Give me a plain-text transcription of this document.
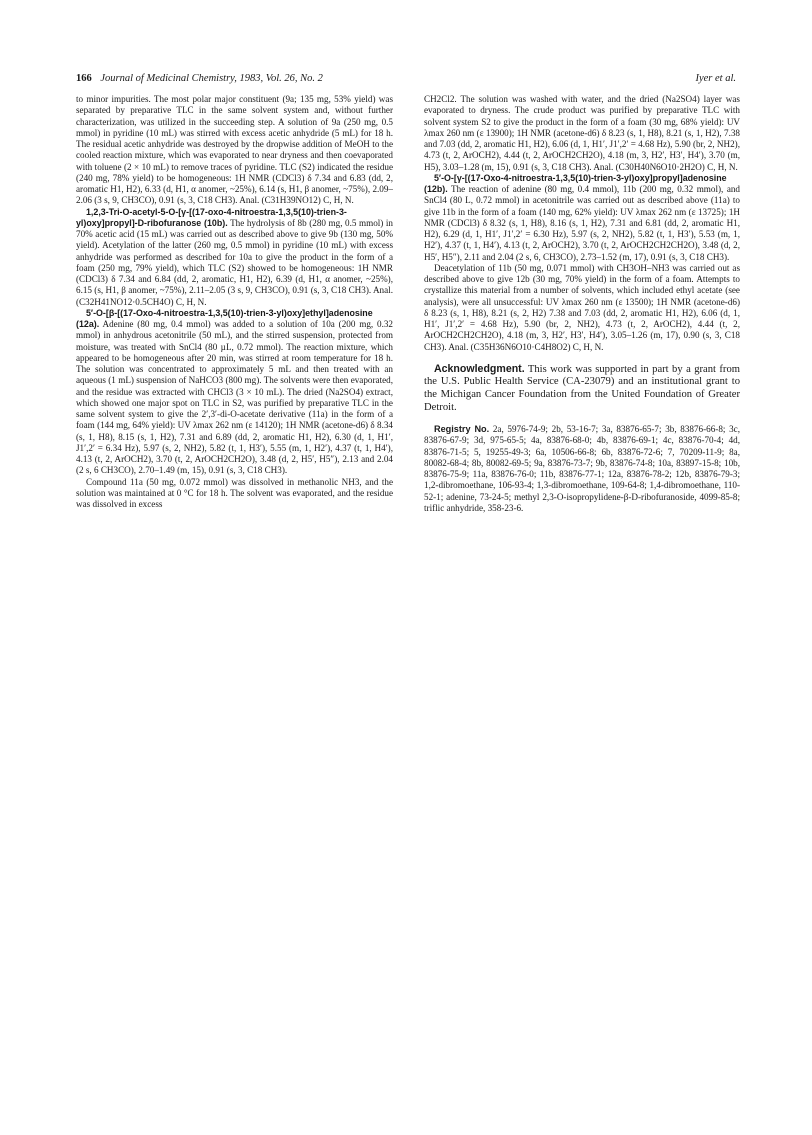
166 Journal of Medicinal Chemistry, 1983, Vol. 26, No. 2	Iyer et al.

to minor impurities. The most polar major constituent (9a; 135 mg, 53% yield) was separated by preparative TLC in the same solvent system and, without further characterization, was utilized in the succeeding step. A solution of 9a (250 mg, 0.5 mmol) in pyridine (10 mL) was stirred with excess acetic anhydride (5 mL) for 18 h. The residual acetic anhydride was destroyed by the dropwise addition of MeOH to the cooled reaction mixture, which was evaporated to near dryness and then coevaporated with toluene (2 × 10 mL) to remove traces of pyridine. TLC (S2) indicated the residue (240 mg, 78% yield) to be homogeneous: 1H NMR (CDCl3) δ 7.34 and 6.83 (dd, 2, aromatic H1, H2), 6.33 (d, H1, α anomer, ~25%), 6.14 (s, H1, β anomer, ~75%), 2.09–2.06 (3 s, 9, CH3CO), 0.91 (s, 3, C18 CH3). Anal. (C31H39NO12) C, H, N.

1,2,3-Tri-O-acetyl-5-O-[γ-[(17-oxo-4-nitroestra-1,3,5(10)-trien-3-yl)oxy]propyl]-D-ribofuranose (10b). The hydrolysis of 8b (280 mg, 0.5 mmol) in 70% acetic acid (15 mL) was carried out as described above to give 9b (130 mg, 50% yield). Acetylation of the latter (260 mg, 0.5 mmol) in pyridine (10 mL) with excess anhydride was performed as described for 10a to give the product in the form of a foam (250 mg, 79% yield), which TLC (S2) showed to be homogeneous: 1H NMR (CDCl3) δ 7.34 and 6.84 (dd, 2, aromatic, H1, H2), 6.39 (d, H1, α anomer, ~25%), 6.15 (s, H1, β anomer, ~75%), 2.11–2.05 (3 s, 9, CH3CO), 0.91 (s, 3, C18 CH3). Anal. (C32H41NO12·0.5CH4O) C, H, N.

5′-O-[β-[(17-Oxo-4-nitroestra-1,3,5(10)-trien-3-yl)oxy]ethyl]adenosine (12a). Adenine (80 mg, 0.4 mmol) was added to a solution of 10a (200 mg, 0.32 mmol) in anhydrous acetonitrile (50 mL), and the stirred suspension, protected from moisture, was treated with SnCl4 (80 µL, 0.72 mmol). The reaction mixture, which appeared to be homogeneous after 20 min, was stirred at room temperature for 18 h. The solution was concentrated to approximately 5 mL and then treated with an aqueous (1 mL) suspension of NaHCO3 (800 mg). The solvents were then evaporated, and the residue was extracted with CHCl3 (3 × 10 mL). The dried (Na2SO4) extract, which showed one major spot on TLC in S2, was purified by preparative TLC in the same solvent system to give the 2′,3′-di-O-acetate derivative (11a) in the form of a foam (144 mg, 64% yield): UV λmax 262 nm (ε 14120); 1H NMR (acetone-d6) δ 8.34 (s, 1, H8), 8.15 (s, 1, H2), 7.31 and 6.89 (dd, 2, aromatic H1, H2), 6.30 (d, 1, H1′, J1′,2′ = 6.34 Hz), 5.97 (s, 2, NH2), 5.82 (t, 1, H3′), 5.55 (m, 1, H2′), 4.37 (t, 1, H4′), 4.13 (t, 2, ArOCH2), 3.70 (t, 2, ArOCH2CH2O), 3.48 (d, 2, H5′, H5″), 2.13 and 2.04 (2 s, 6 CH3CO), 2.70–1.49 (m, 15), 0.91 (s, 3, C18 CH3).

Compound 11a (50 mg, 0.072 mmol) was dissolved in methanolic NH3, and the solution was maintained at 0 °C for 18 h. The solvent was evaporated, and the residue was dissolved in excess

CH2Cl2. The solution was washed with water, and the dried (Na2SO4) layer was evaporated to dryness. The crude product was purified by preparative TLC with solvent system S2 to give the product in the form of a foam (30 mg, 68% yield): UV λmax 260 nm (ε 13900); 1H NMR (acetone-d6) δ 8.23 (s, 1, H8), 8.21 (s, 1, H2), 7.38 and 7.03 (dd, 2, aromatic H1, H2), 6.06 (d, 1, H1′, J1′,2′ = 4.68 Hz), 5.90 (br, 2, NH2), 4.73 (t, 2, ArOCH2), 4.44 (t, 2, ArOCH2CH2O), 4.18 (m, 3, H2′, H3′, H4′), 3.70 (m, H5), 3.03–1.28 (m, 15), 0.91 (s, 3, C18 CH3). Anal. (C30H40N6O10·2H2O) C, H, N.

5′-O-[γ-[(17-Oxo-4-nitroestra-1,3,5(10)-trien-3-yl)oxy]propyl]adenosine (12b). The reaction of adenine (80 mg, 0.4 mmol), 11b (200 mg, 0.32 mmol), and SnCl4 (80 L, 0.72 mmol) in acetonitrile was carried out as described above (11a) to give 11b in the form of a foam (140 mg, 62% yield): UV λmax 262 nm (ε 13725); 1H NMR (CDCl3) δ 8.32 (s, 1, H8), 8.16 (s, 1, H2), 7.31 and 6.81 (dd, 2, aromatic H1, H2), 6.29 (d, 1, H1′, J1′,2′ = 6.30 Hz), 5.97 (s, 2, NH2), 5.82 (t, 1, H3′), 5.53 (m, 1, H2′), 4.37 (t, 1, H4′), 4.13 (t, 2, ArOCH2), 3.70 (t, 2, ArOCH2CH2CH2O), 3.48 (d, 2, H5′, H5″), 2.11 and 2.04 (2 s, 6, CH3CO), 2.73–1.52 (m, 17), 0.91 (s, 3, C18 CH3).

Deacetylation of 11b (50 mg, 0.071 mmol) with CH3OH–NH3 was carried out as described above to give 12b (30 mg, 70% yield) in the form of a foam. Attempts to crystallize this material from a number of solvents, which included ethyl acetate (see analysis), were all unsuccessful: UV λmax 260 nm (ε 13500); 1H NMR (acetone-d6) δ 8.23 (s, 1, H8), 8.21 (s, 2, H2) 7.38 and 7.03 (dd, 2, aromatic H1, H2), 6.06 (d, 1, H1′, J1′,2′ = 4.68 Hz), 5.90 (br, 2, NH2), 4.73 (t, 2, ArOCH2), 4.44 (t, 2, ArOCH2CH2CH2O), 4.18 (m, 3, H2′, H3′, H4′), 3.05–1.26 (m, 17), 0.90 (s, 3, C18 CH3). Anal. (C35H36N6O10·C4H8O2) C, H, N.

Acknowledgment. This work was supported in part by a grant from the U.S. Public Health Service (CA-23079) and an institutional grant to the Michigan Cancer Foundation from the United Foundation of Greater Detroit.

Registry No. 2a, 5976-74-9; 2b, 53-16-7; 3a, 83876-65-7; 3b, 83876-66-8; 3c, 83876-67-9; 3d, 975-65-5; 4a, 83876-68-0; 4b, 83876-69-1; 4c, 83876-70-4; 4d, 83876-71-5; 5, 19255-49-3; 6a, 10506-66-8; 6b, 83876-72-6; 7, 70209-11-9; 8a, 80082-68-4; 8b, 80082-69-5; 9a, 83876-73-7; 9b, 83876-74-8; 10a, 83897-15-8; 10b, 83876-75-9; 11a, 83876-76-0; 11b, 83876-77-1; 12a, 83876-78-2; 12b, 83876-79-3; 1,2-dibromoethane, 106-93-4; 1,3-dibromoethane, 109-64-8; 1,4-dibromoethane, 110-52-1; adenine, 73-24-5; methyl 2,3-O-isopropylidene-β-D-ribofuranoside, 4099-85-8; triflic anhydride, 358-23-6.
